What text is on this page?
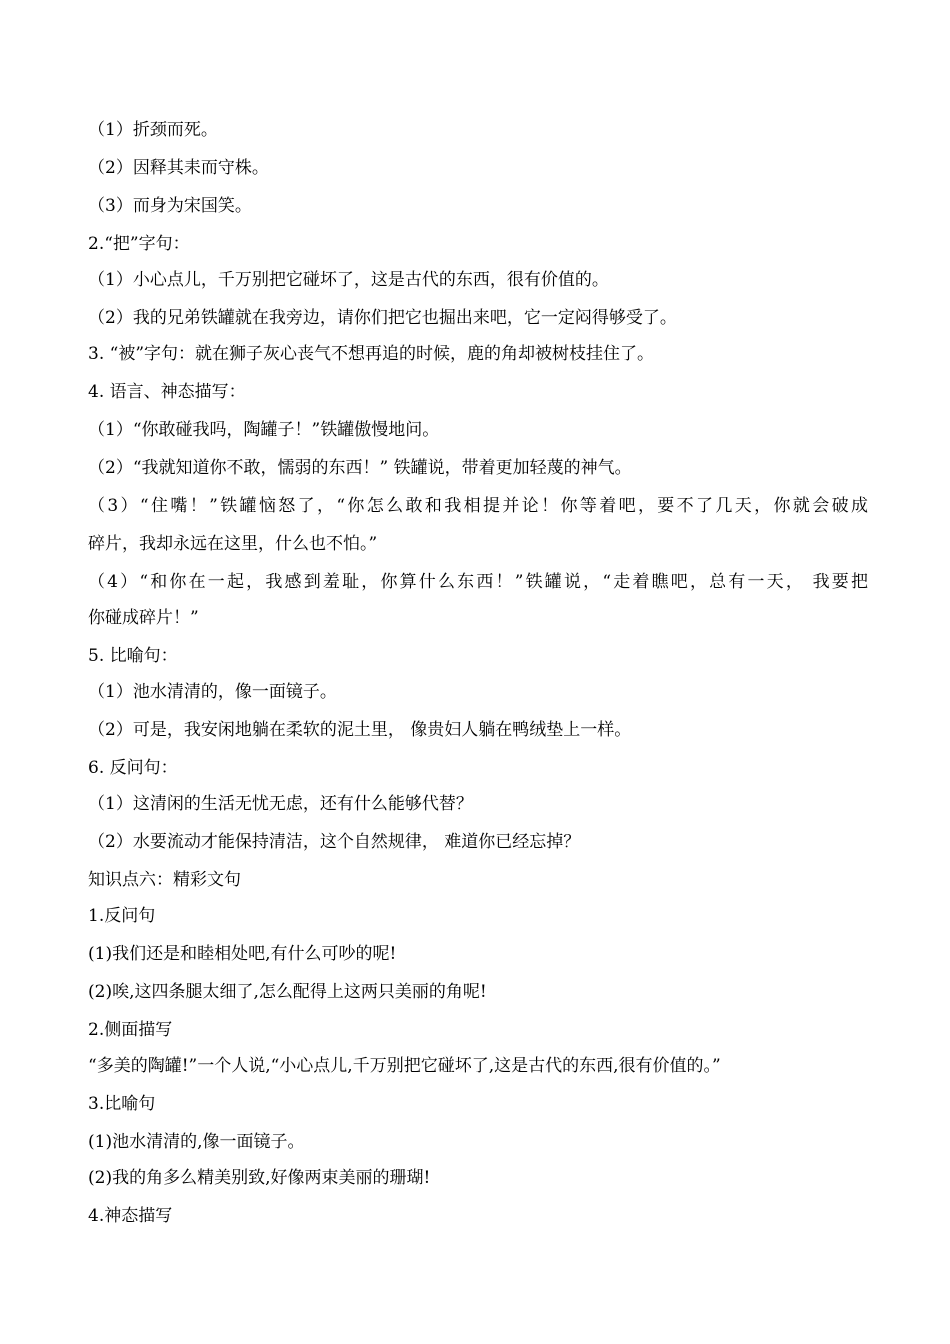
（1）折颈而死。
（2）因释其耒而守株。
（3）而身为宋国笑。
2.“把”字句：
（1）小心点儿，千万别把它碰坏了，这是古代的东西，很有价值的。
（2）我的兄弟铁罐就在我旁边，请你们把它也掘出来吧，它一定闷得够受了。
3. “被”字句：就在狮子灰心丧气不想再追的时候，鹿的角却被树枝挂住了。
4. 语言、神态描写：
（1）“你敢碰我吗，陶罐子！”铁罐傲慢地问。
（2）“我就知道你不敢，懦弱的东西！” 铁罐说，带着更加轻蔑的神气。
（3）“住嘴！”铁罐恼怒了，“你怎么敢和我相提并论！你等着吧，要不了几天，你就会破成
碎片，我却永远在这里，什么也不怕。”
（4）“和你在一起，我感到羞耻，你算什么东西！”铁罐说，“走着瞧吧，总有一天， 我要把
你碰成碎片！”
5. 比喻句：
（1）池水清清的，像一面镜子。
（2）可是，我安闲地躺在柔软的泥土里， 像贵妇人躺在鸭绒垫上一样。
6. 反问句：
（1）这清闲的生活无忧无虑，还有什么能够代替？
（2）水要流动才能保持清洁，这个自然规律， 难道你已经忘掉？
知识点六：精彩文句
1.反问句
(1)我们还是和睦相处吧,有什么可吵的呢!
(2)唉,这四条腿太细了,怎么配得上这两只美丽的角呢!
2.侧面描写
“多美的陶罐!”一个人说,“小心点儿,千万别把它碰坏了,这是古代的东西,很有价值的。”
3.比喻句
(1)池水清清的,像一面镜子。
(2)我的角多么精美别致,好像两束美丽的珊瑚!
4.神态描写
